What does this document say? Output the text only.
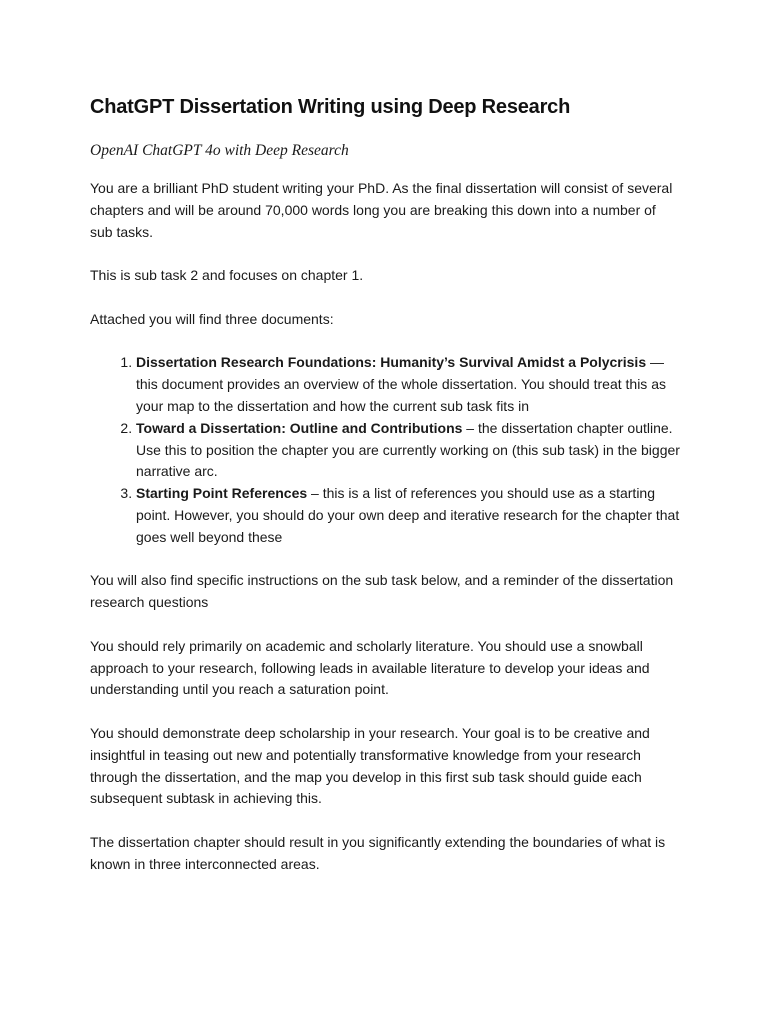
ChatGPT Dissertation Writing using Deep Research
OpenAI ChatGPT 4o with Deep Research

You are a brilliant PhD student writing your PhD. As the final dissertation will consist of several chapters and will be around 70,000 words long you are breaking this down into a number of sub tasks.

This is sub task 2 and focuses on chapter 1.

Attached you will find three documents:

1. Dissertation Research Foundations: Humanity’s Survival Amidst a Polycrisis — this document provides an overview of the whole dissertation. You should treat this as your map to the dissertation and how the current sub task fits in
2. Toward a Dissertation: Outline and Contributions – the dissertation chapter outline. Use this to position the chapter you are currently working on (this sub task) in the bigger narrative arc.
3. Starting Point References – this is a list of references you should use as a starting point. However, you should do your own deep and iterative research for the chapter that goes well beyond these

You will also find specific instructions on the sub task below, and a reminder of the dissertation research questions

You should rely primarily on academic and scholarly literature. You should use a snowball approach to your research, following leads in available literature to develop your ideas and understanding until you reach a saturation point.

You should demonstrate deep scholarship in your research. Your goal is to be creative and insightful in teasing out new and potentially transformative knowledge from your research through the dissertation, and the map you develop in this first sub task should guide each subsequent subtask in achieving this.

The dissertation chapter should result in you significantly extending the boundaries of what is known in three interconnected areas.
